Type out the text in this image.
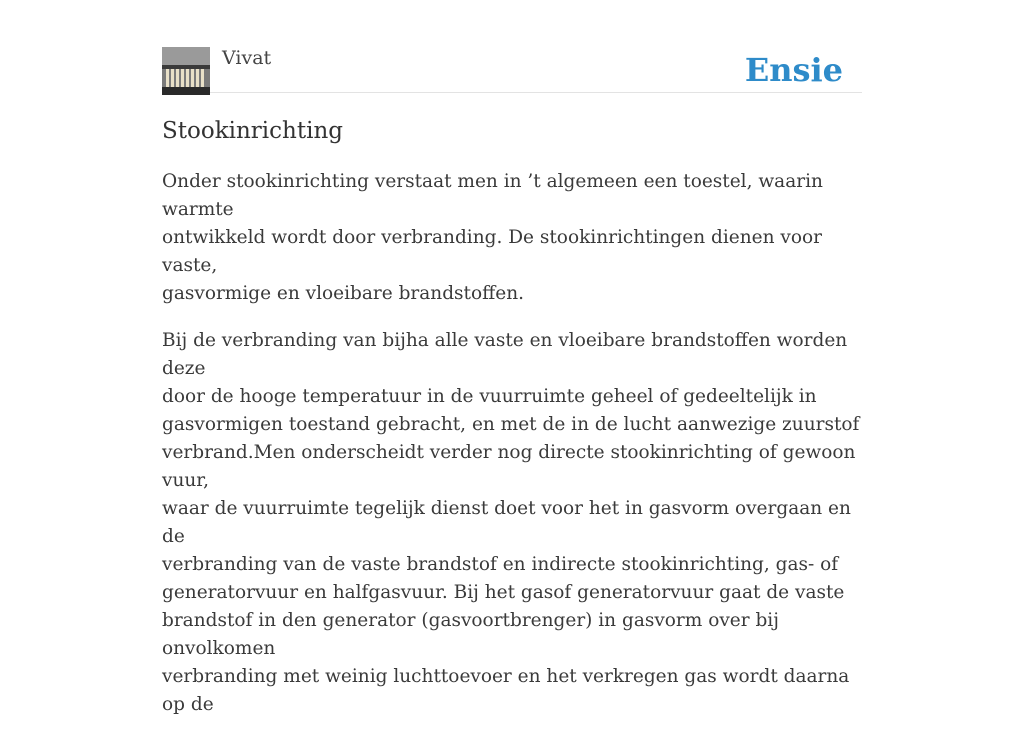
Vivat	Ensie
Stookinrichting

Onder stookinrichting verstaat men in ’t algemeen een toestel, waarin warmte
ontwikkeld wordt door verbranding. De stookinrichtingen dienen voor vaste,
gasvormige en vloeibare brandstoffen.

Bij de verbranding van bijha alle vaste en vloeibare brandstoffen worden deze
door de hooge temperatuur in de vuurruimte geheel of gedeeltelijk in
gasvormigen toestand gebracht, en met de in de lucht aanwezige zuurstof
verbrand.Men onderscheidt verder nog directe stookinrichting of gewoon vuur,
waar de vuurruimte tegelijk dienst doet voor het in gasvorm overgaan en de
verbranding van de vaste brandstof en indirecte stookinrichting, gas- of
generatorvuur en halfgasvuur. Bij het gasof generatorvuur gaat de vaste
brandstof in den generator (gasvoortbrenger) in gasvorm over bij onvolkomen
verbranding met weinig luchttoevoer en het verkregen gas wordt daarna op de
